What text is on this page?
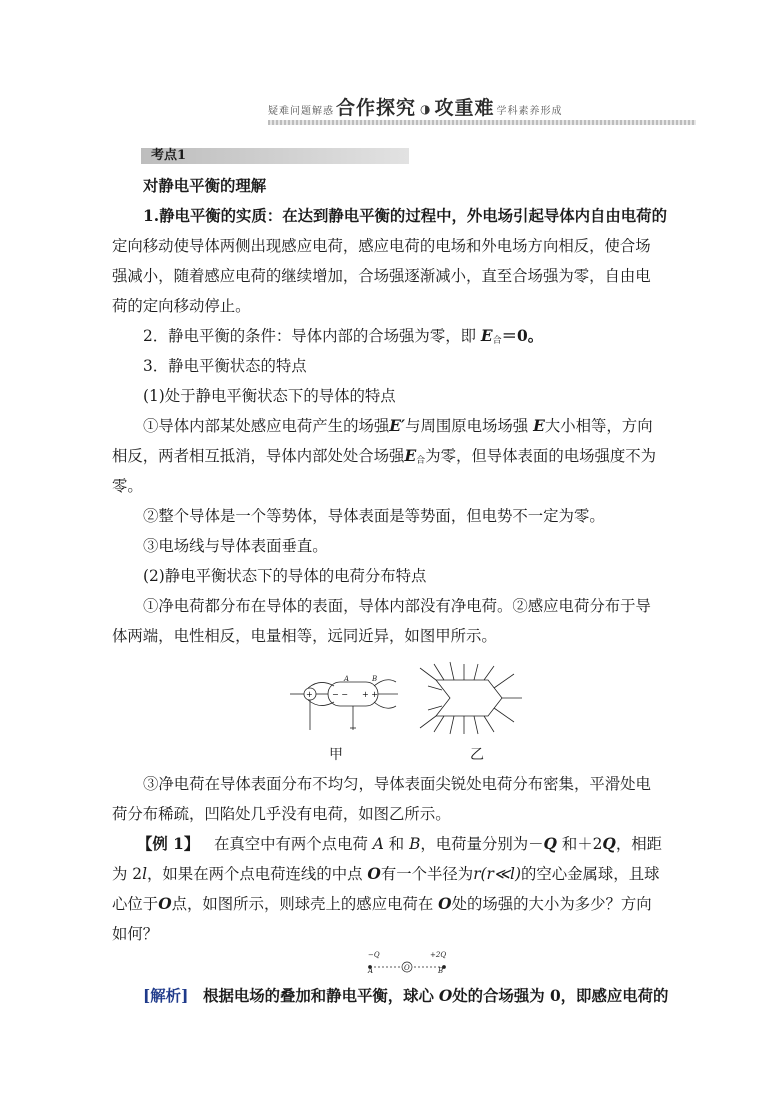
疑难问题解惑 合作探究 ◑ 攻重难 学科素养形成
考点1
对静电平衡的理解
1.静电平衡的实质：在达到静电平衡的过程中，外电场引起导体内自由电荷的
定向移动使导体两侧出现感应电荷，感应电荷的电场和外电场方向相反，使合场
强减小，随着感应电荷的继续增加，合场强逐渐减小，直至合场强为零，自由电
荷的定向移动停止。
2．静电平衡的条件：导体内部的合场强为零，即 $E_合=0$。
3．静电平衡状态的特点
(1)处于静电平衡状态下的导体的特点
①导体内部某处感应电荷产生的场强E′与周围原电场场强 E大小相等，方向
相反，两者相互抵消，导体内部处处合场强$E_合$为零，但导体表面的电场强度不为
零。
②整个导体是一个等势体，导体表面是等势面，但电势不一定为零。
③电场线与导体表面垂直。
(2)静电平衡状态下的导体的电荷分布特点
①净电荷都分布在导体的表面，导体内部没有净电荷。②感应电荷分布于导
体两端，电性相反，电量相等，远同近异，如图甲所示。
+ − − + +
A	B
甲	乙
③净电荷在导体表面分布不均匀，导体表面尖锐处电荷分布密集，平滑处电
荷分布稀疏，凹陷处几乎没有电荷，如图乙所示。
【例 1】 在真空中有两个点电荷 A 和 B，电荷量分别为－Q 和＋2Q，相距
为 2l，如果在两个点电荷连线的中点 O有一个半径为r(r≪l)的空心金属球，且球
心位于O点，如图所示，则球壳上的感应电荷在 O处的场强的大小为多少？方向
如何？
−Q	+2Q
A	O	B
[解析] 根据电场的叠加和静电平衡，球心 O处的合场强为 0，即感应电荷的
